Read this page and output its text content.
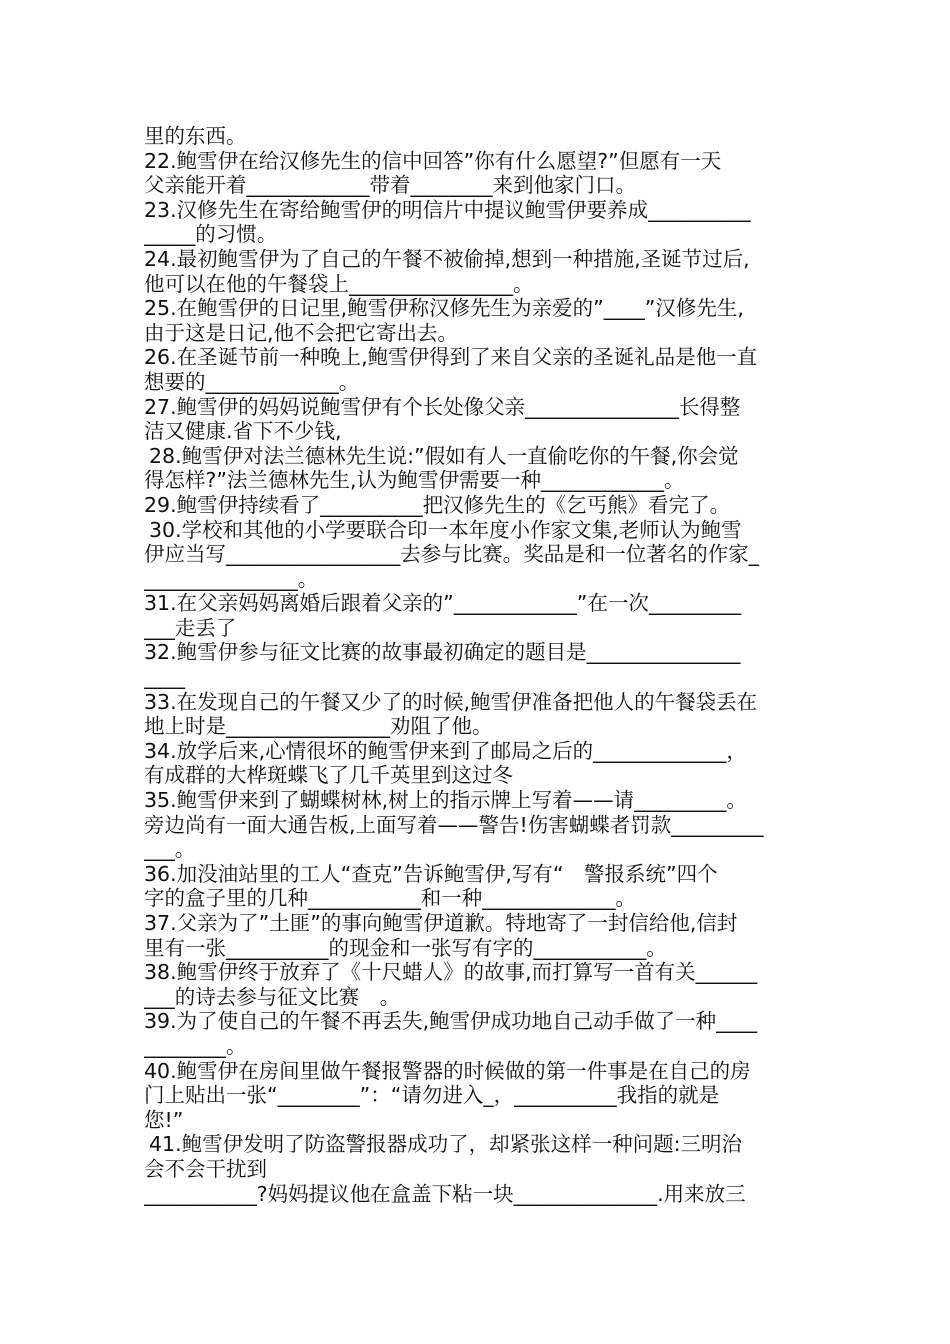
里的东西。
22.鲍雪伊在给汉修先生的信中回答”你有什么愿望?”但愿有一天
父亲能开着____________带着________来到他家门口。
23.汉修先生在寄给鲍雪伊的明信片中提议鲍雪伊要养成__________
_____的习惯。
24.最初鲍雪伊为了自己的午餐不被偷掉,想到一种措施,圣诞节过后,
他可以在他的午餐袋上________________。
25.在鲍雪伊的日记里,鲍雪伊称汉修先生为亲爱的”____”汉修先生,
由于这是日记,他不会把它寄出去。
26.在圣诞节前一种晚上,鲍雪伊得到了来自父亲的圣诞礼品是他一直
想要的_____________。
27.鲍雪伊的妈妈说鲍雪伊有个长处像父亲_______________长得整
洁又健康.省下不少钱,
28.鲍雪伊对法兰德林先生说:”假如有人一直偷吃你的午餐,你会觉
得怎样?”法兰德林先生,认为鲍雪伊需要一种____________。
29.鲍雪伊持续看了__________把汉修先生的《乞丐熊》看完了。
30.学校和其他的小学要联合印一本年度小作家文集,老师认为鲍雪
伊应当写_________________去参与比赛。奖品是和一位著名的作家_
_______________。
31.在父亲妈妈离婚后跟着父亲的”____________”在一次_________
___走丢了
32.鲍雪伊参与征文比赛的故事最初确定的题目是_______________
____
33.在发现自己的午餐又少了的时候,鲍雪伊准备把他人的午餐袋丢在
地上时是________________劝阻了他。
34.放学后来,心情很坏的鲍雪伊来到了邮局之后的_____________，
有成群的大桦斑蝶飞了几千英里到这过冬
35.鲍雪伊来到了蝴蝶树林,树上的指示牌上写着——请_________。
旁边尚有一面大通告板,上面写着——警告!伤害蝴蝶者罚款_________
___。
36.加没油站里的工人“查克”告诉鲍雪伊,写有“　警报系统”四个
字的盒子里的几种___________和一种_____________。
37.父亲为了”土匪”的事向鲍雪伊道歉。特地寄了一封信给他,信封
里有一张__________的现金和一张写有字的___________。
38.鲍雪伊终于放弃了《十尺蜡人》的故事,而打算写一首有关______
___的诗去参与征文比赛　。
39.为了使自己的午餐不再丢失,鲍雪伊成功地自己动手做了一种____
________。
40.鲍雪伊在房间里做午餐报警器的时候做的第一件事是在自己的房
门上贴出一张“________”：“请勿进入_，__________我指的就是
您!”
41.鲍雪伊发明了防盗警报器成功了，却紧张这样一种问题:三明治
会不会干扰到
___________?妈妈提议他在盒盖下粘一块______________.用来放三
